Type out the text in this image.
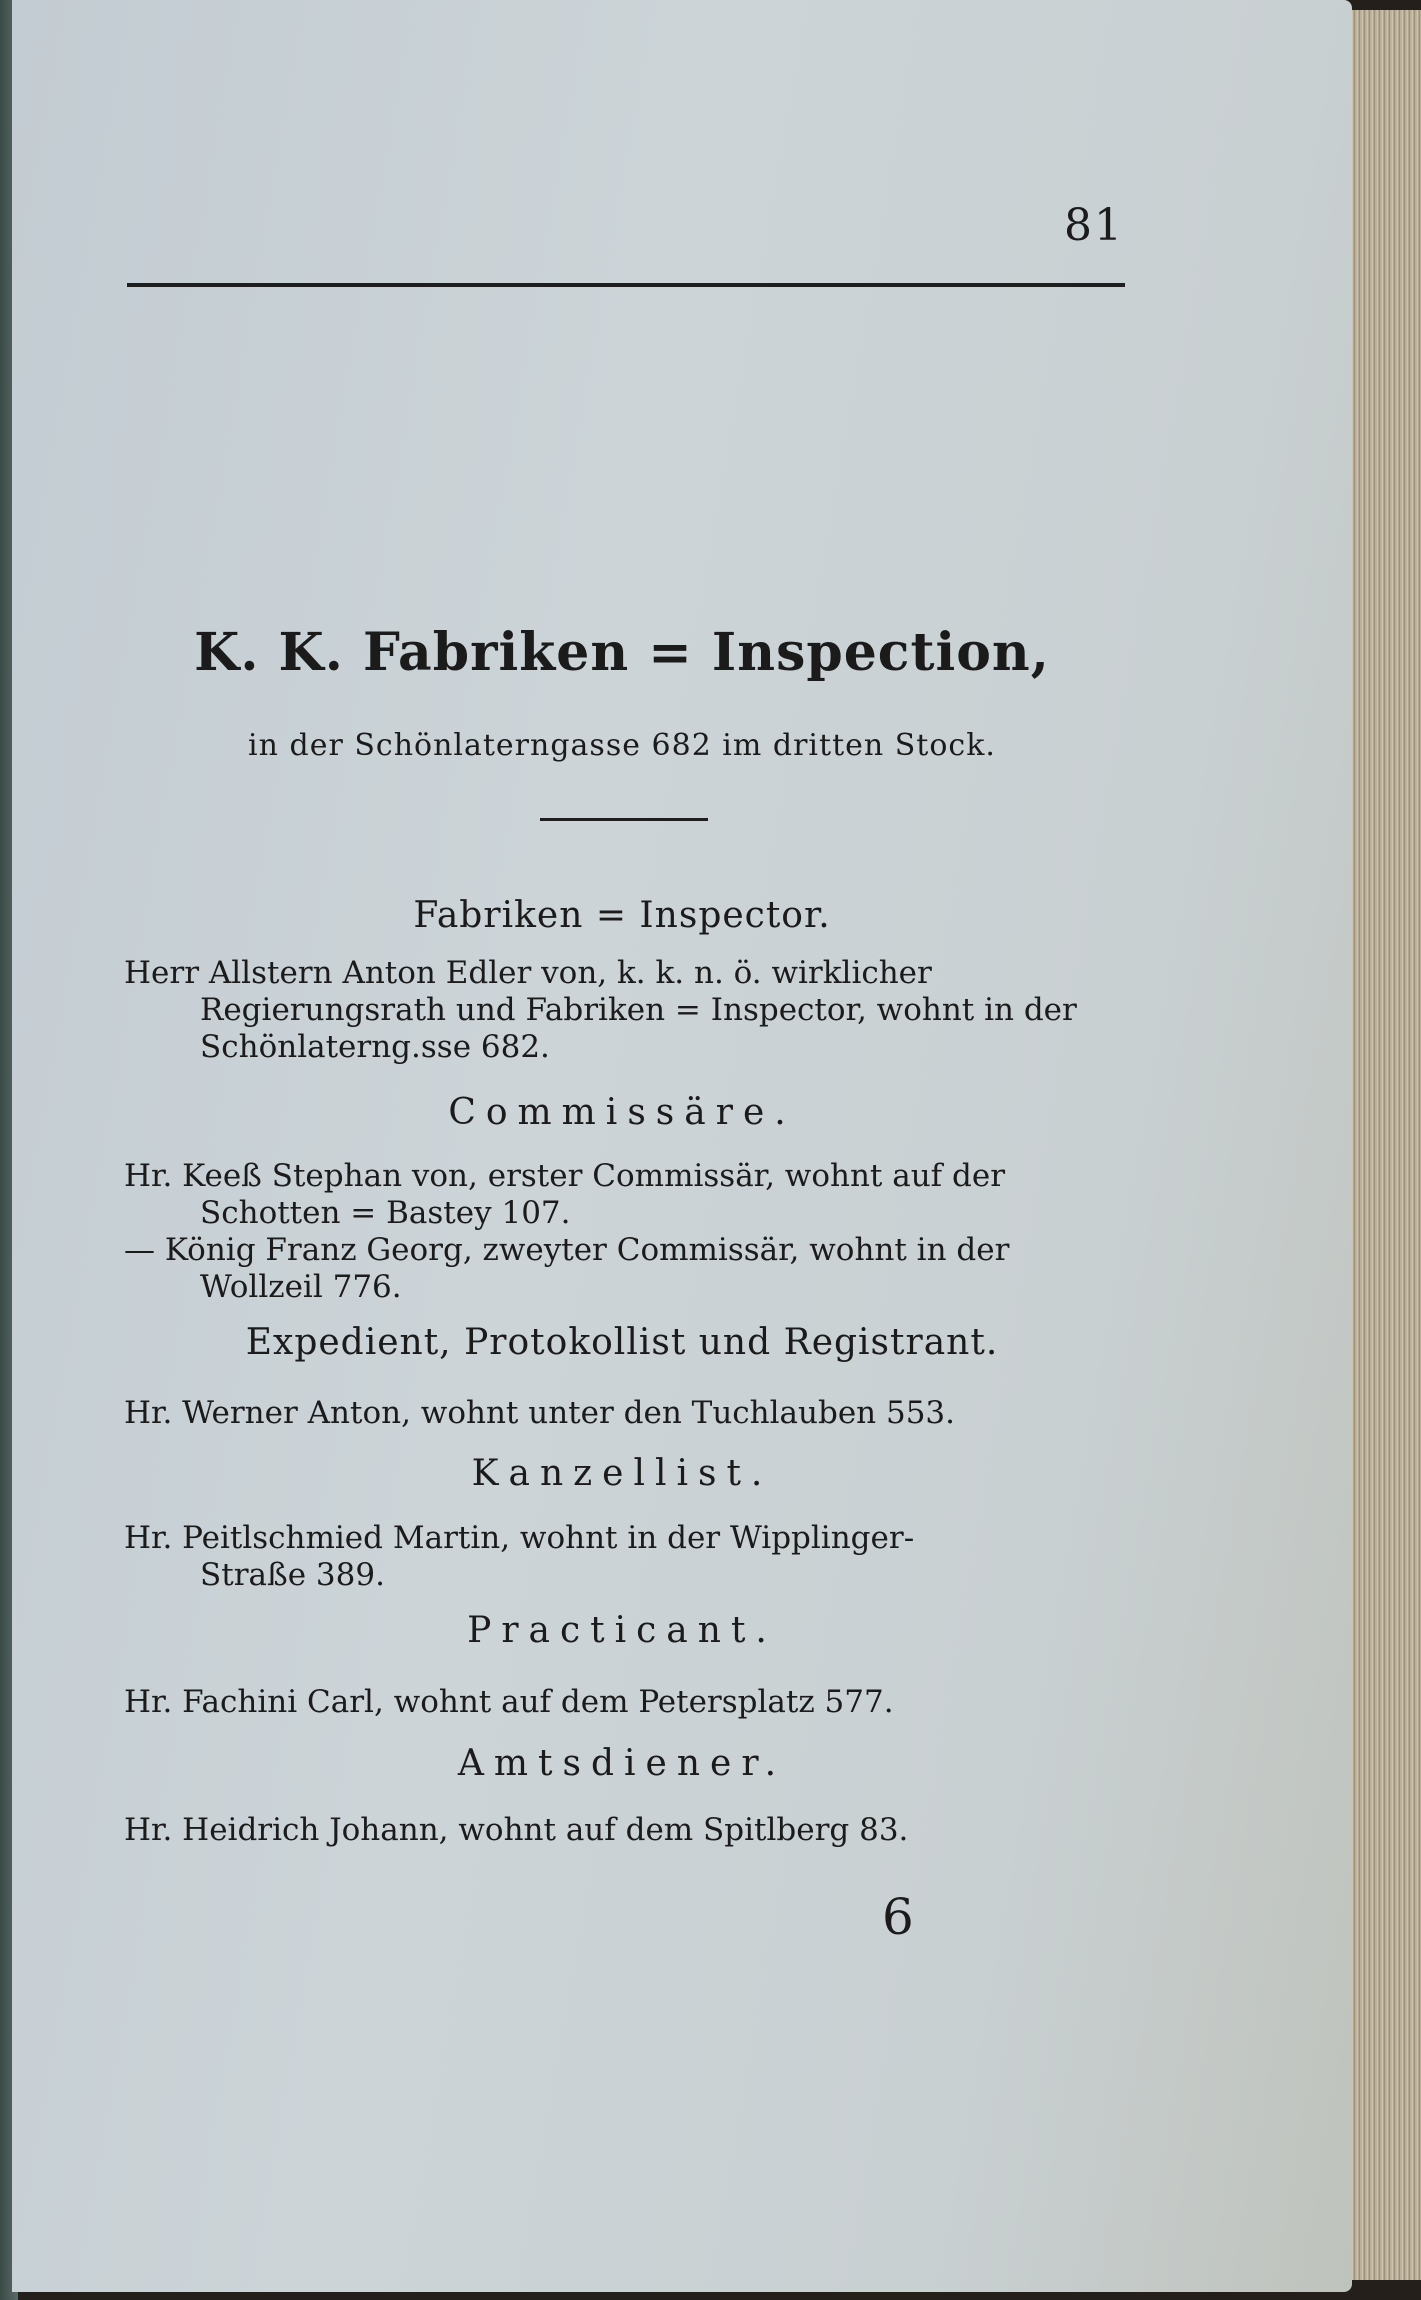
81
K. K. Fabriken = Inspection,
in der Schönlaterngasse 682 im dritten Stock.
Fabriken = Inspector.
Herr Allstern Anton Edler von, k. k. n. ö. wirklicher
Regierungsrath und Fabriken = Inspector, wohnt in der
Schönlaterng.sse 682.
Commissäre.
Hr. Keeß Stephan von, erster Commissär, wohnt auf der
Schotten = Bastey 107.
— König Franz Georg, zweyter Commissär, wohnt in der
Wollzeil 776.
Expedient, Protokollist und Registrant.
Hr. Werner Anton, wohnt unter den Tuchlauben 553.
Kanzellist.
Hr. Peitlschmied Martin, wohnt in der Wipplinger-
Straße 389.
Practicant.
Hr. Fachini Carl, wohnt auf dem Petersplatz 577.
Amtsdiener.
Hr. Heidrich Johann, wohnt auf dem Spitlberg 83.
6
